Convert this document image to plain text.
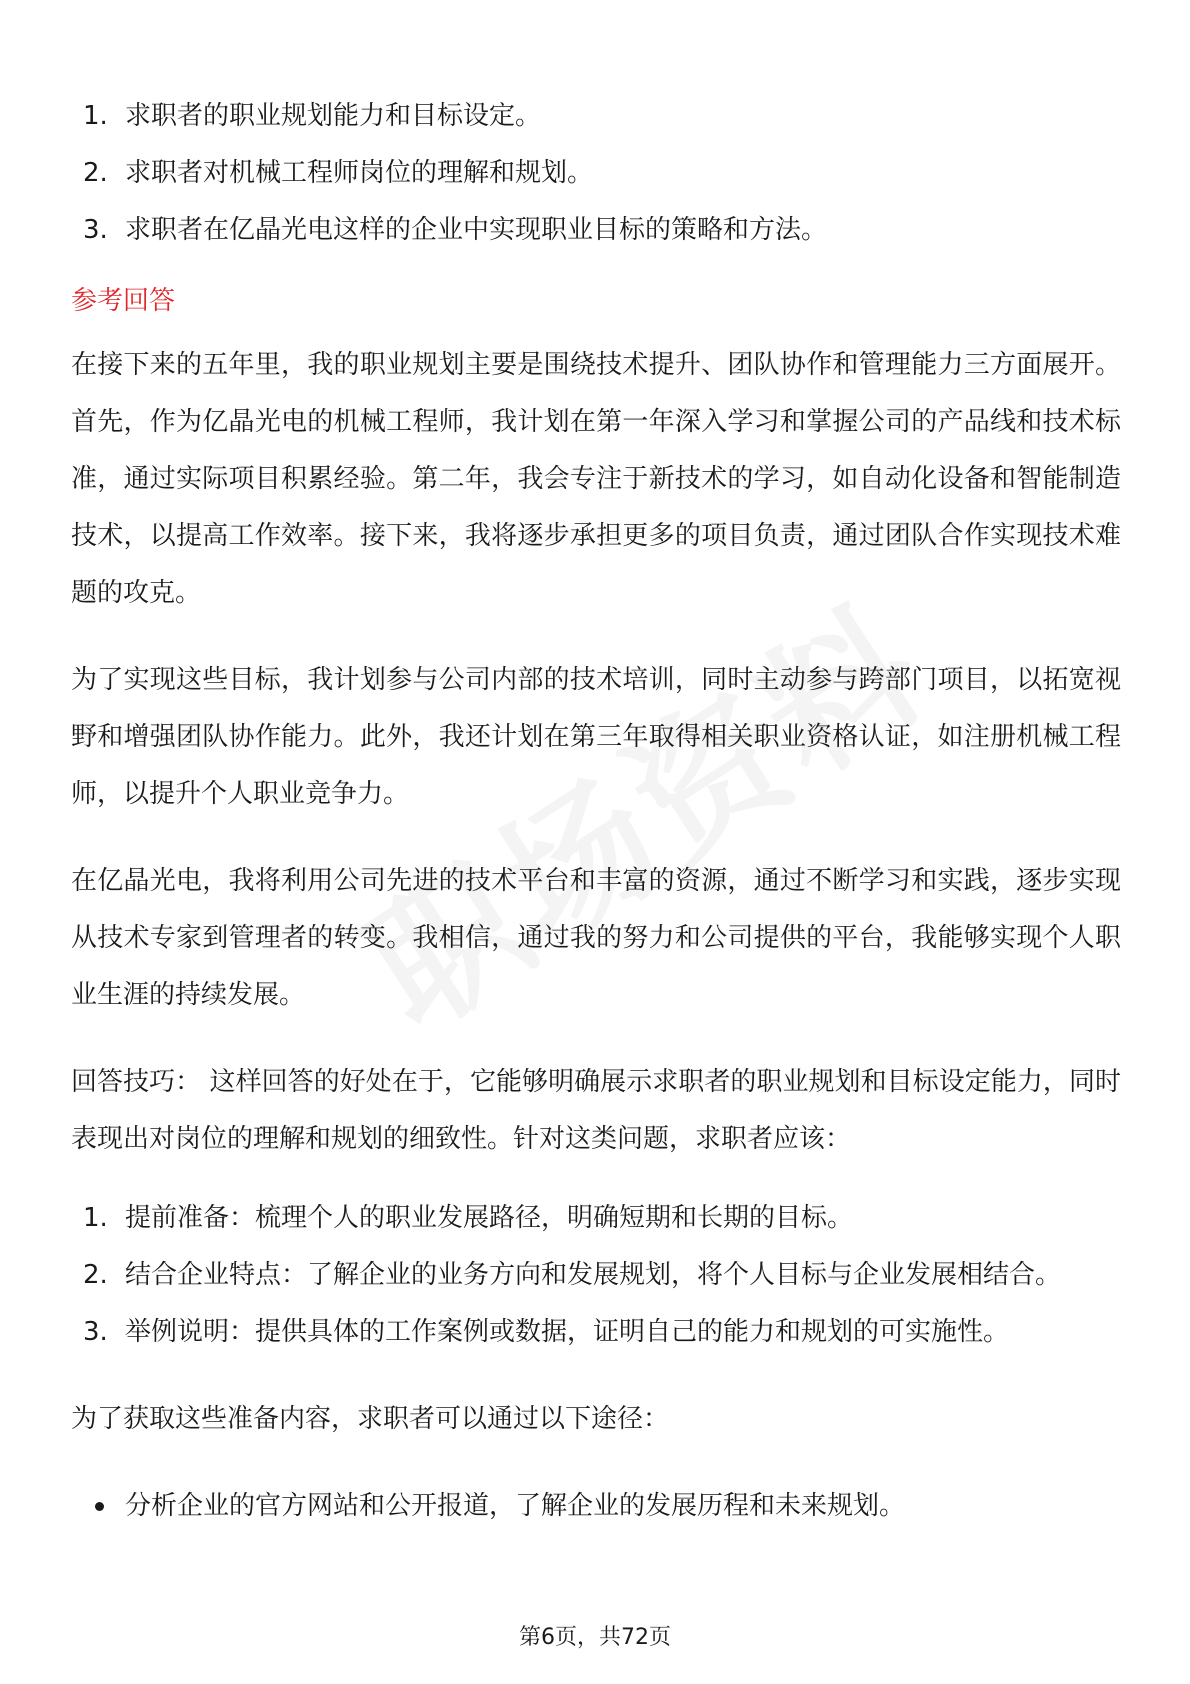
1. 求职者的职业规划能力和目标设定。
2. 求职者对机械工程师岗位的理解和规划。
3. 求职者在亿晶光电这样的企业中实现职业目标的策略和方法。
参考回答

在接下来的五年里，我的职业规划主要是围绕技术提升、团队协作和管理能力三方面展开。首先，作为亿晶光电的机械工程师，我计划在第一年深入学习和掌握公司的产品线和技术标准，通过实际项目积累经验。第二年，我会专注于新技术的学习，如自动化设备和智能制造技术，以提高工作效率。接下来，我将逐步承担更多的项目负责，通过团队合作实现技术难题的攻克。

为了实现这些目标，我计划参与公司内部的技术培训，同时主动参与跨部门项目，以拓宽视野和增强团队协作能力。此外，我还计划在第三年取得相关职业资格认证，如注册机械工程师，以提升个人职业竞争力。

在亿晶光电，我将利用公司先进的技术平台和丰富的资源，通过不断学习和实践，逐步实现从技术专家到管理者的转变。我相信，通过我的努力和公司提供的平台，我能够实现个人职业生涯的持续发展。

回答技巧： 这样回答的好处在于，它能够明确展示求职者的职业规划和目标设定能力，同时表现出对岗位的理解和规划的细致性。针对这类问题，求职者应该：

1. 提前准备：梳理个人的职业发展路径，明确短期和长期的目标。
2. 结合企业特点：了解企业的业务方向和发展规划，将个人目标与企业发展相结合。
3. 举例说明：提供具体的工作案例或数据，证明自己的能力和规划的可实施性。

为了获取这些准备内容，求职者可以通过以下途径：

分析企业的官方网站和公开报道，了解企业的发展历程和未来规划。
第6页，共72页
